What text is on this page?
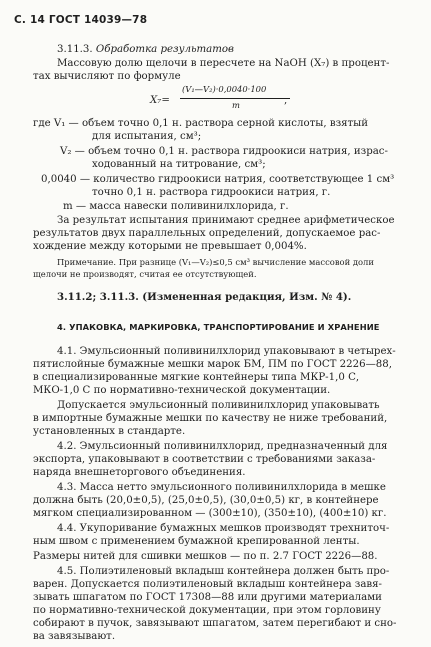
С. 14 ГОСТ 14039—78
X₇=
(V₁—V₂)·0,0040·100
m	,
4. УПАКОВКА, МАРКИРОВКА, ТРАНСПОРТИРОВАНИЕ И ХРАНЕНИЕ
3.11.3. Обработка результатов
Массовую долю щелочи в пересчете на NaOH (X₇) в процент-
тах вычисляют по формуле
где V₁ — объем точно 0,1 н. раствора серной кислоты, взятый
для испытания, см³;
V₂ — объем точно 0,1 н. раствора гидроокиси натрия, израс-
ходованный на титрование, см³;
0,0040 — количество гидроокиси натрия, соответствующее 1 см³
точно 0,1 н. раствора гидроокиси натрия, г.
m — масса навески поливинилхлорида, г.
За результат испытания принимают среднее арифметическое
результатов двух параллельных определений, допускаемое рас-
хождение между которыми не превышает 0,004%.
Примечание. При разнице (V₁—V₂)≤0,5 см³ вычисление массовой доли
щелочи не производят, считая ее отсутствующей.
3.11.2; 3.11.3. (Измененная редакция, Изм. № 4).
4.1. Эмульсионный поливинилхлорид упаковывают в четырех-
пятислойные бумажные мешки марок БМ, ПМ по ГОСТ 2226—88,
в специализированные мягкие контейнеры типа МКР-1,0 С,
МКО-1,0 С по нормативно-технической документации.
Допускается эмульсионный поливинилхлорид упаковывать
в импортные бумажные мешки по качеству не ниже требований,
установленных в стандарте.
4.2. Эмульсионный поливинилхлорид, предназначенный для
экспорта, упаковывают в соответствии с требованиями заказа-
наряда внешнеторгового объединения.
4.3. Масса нетто эмульсионного поливинилхлорида в мешке
должна быть (20,0±0,5), (25,0±0,5), (30,0±0,5) кг, в контейнере
мягком специализированном — (300±10), (350±10), (400±10) кг.
4.4. Укупоривание бумажных мешков производят трехниточ-
ным швом с применением бумажной крепированной ленты.
Размеры нитей для сшивки мешков — по п. 2.7 ГОСТ 2226—88.
4.5. Полиэтиленовый вкладыш контейнера должен быть про-
варен. Допускается полиэтиленовый вкладыш контейнера завя-
зывать шпагатом по ГОСТ 17308—88 или другими материалами
по нормативно-технической документации, при этом горловину
собирают в пучок, завязывают шпагатом, затем перегибают и сно-
ва завязывают.
